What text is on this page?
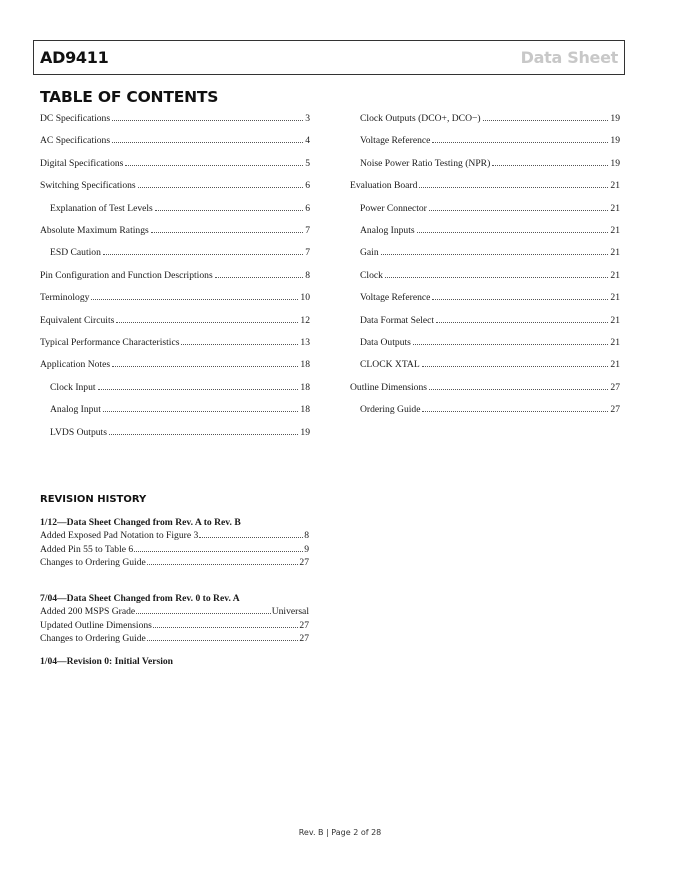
AD9411	Data Sheet
TABLE OF CONTENTS
DC Specifications	3
AC Specifications	4
Digital Specifications	5
Switching Specifications	6
Explanation of Test Levels	6
Absolute Maximum Ratings	7
ESD Caution	7
Pin Configuration and Function Descriptions	8
Terminology	10
Equivalent Circuits	12
Typical Performance Characteristics	13
Application Notes	18
Clock Input	18
Analog Input	18
LVDS Outputs	19
Clock Outputs (DCO+, DCO−)	19
Voltage Reference	19
Noise Power Ratio Testing (NPR)	19
Evaluation Board	21
Power Connector	21
Analog Inputs	21
Gain	21
Clock	21
Voltage Reference	21
Data Format Select	21
Data Outputs	21
CLOCK XTAL	21
Outline Dimensions	27
Ordering Guide	27
REVISION HISTORY
1/12—Data Sheet Changed from Rev. A to Rev. B
Added Exposed Pad Notation to Figure 3	8
Added Pin 55 to Table 6	9
Changes to Ordering Guide	27
7/04—Data Sheet Changed from Rev. 0 to Rev. A
Added 200 MSPS Grade	Universal
Updated Outline Dimensions	27
Changes to Ordering Guide	27
1/04—Revision 0: Initial Version
Rev. B | Page 2 of 28
